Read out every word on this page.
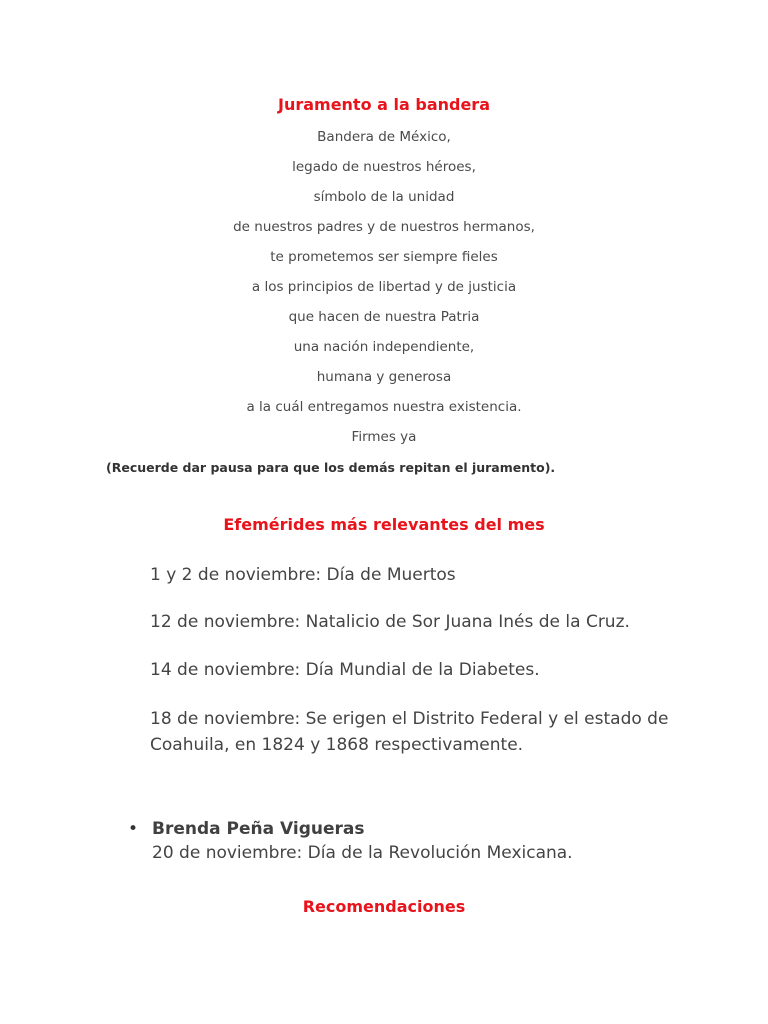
Juramento a la bandera

Bandera de México,

legado de nuestros héroes,

símbolo de la unidad

de nuestros padres y de nuestros hermanos,

te prometemos ser siempre fieles

a los principios de libertad y de justicia

que hacen de nuestra Patria

una nación independiente,

humana y generosa

a la cuál entregamos nuestra existencia.

Firmes ya

(Recuerde dar pausa para que los demás repitan el juramento).

Efemérides más relevantes del mes

1 y 2 de noviembre: Día de Muertos

12 de noviembre: Natalicio de Sor Juana Inés de la Cruz.

14 de noviembre: Día Mundial de la Diabetes.

18 de noviembre: Se erigen el Distrito Federal y el estado de Coahuila, en 1824 y 1868 respectivamente.

• Brenda Peña Vigueras

20 de noviembre: Día de la Revolución Mexicana.

Recomendaciones
